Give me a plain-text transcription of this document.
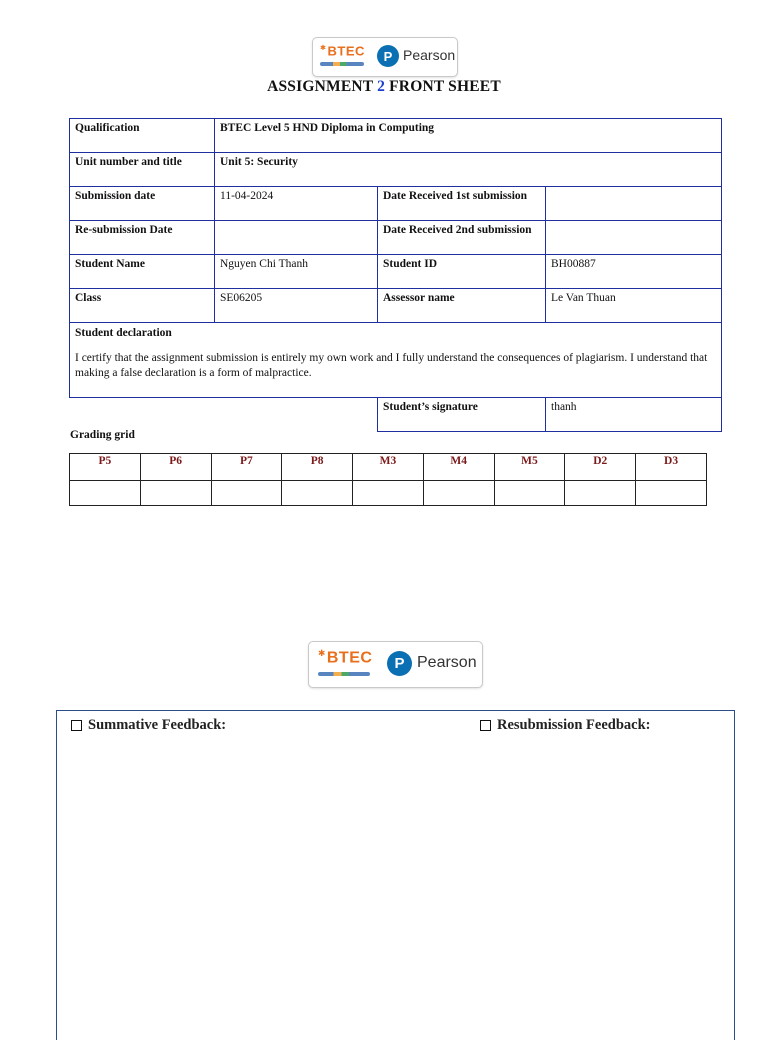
✱BTEC	P Pearson
ASSIGNMENT 2 FRONT SHEET
Qualification	BTEC Level 5 HND Diploma in Computing		
Unit number and title	Unit 5: Security		
Submission date	11-04-2024	Date Received 1st submission	
Re-submission Date		Date Received 2nd submission	
Student Name	Nguyen Chi Thanh	Student ID	BH00887
Class	SE06205	Assessor name	Le Van Thuan

Student declaration
I certify that the assignment submission is entirely my own work and I fully understand the consequences of plagiarism. I understand that making a false declaration is a form of malpractice.			

		Student’s signature	thanh
Grading grid
P5	P6	P7	P8	M3	M4	M5	D2	D3

✱BTEC	P Pearson
Summative Feedback:	Resubmission Feedback:
